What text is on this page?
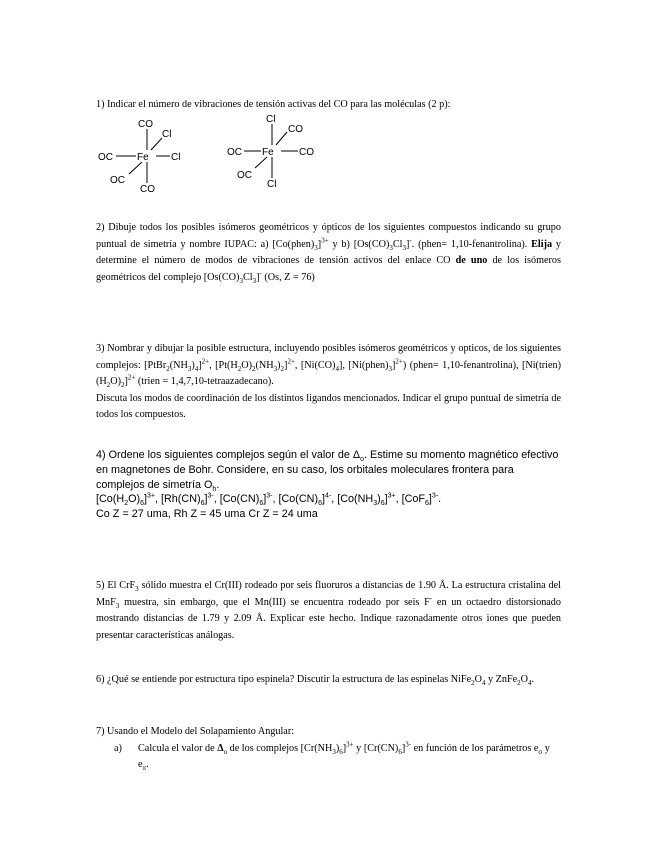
1) Indicar el número de vibraciones de tensión activas del CO para las moléculas (2 p):

CO
Cl
OC Fe Cl
OC
CO
Cl
CO
OC Fe	CO
OC
Cl

2) Dibuje todos los posibles isómeros geométricos y ópticos de los siguientes compuestos indicando su grupo puntual de simetría y nombre IUPAC: a) $[Co(phen)_3]^{3+}$ y b) $[Os(CO)_3Cl_3]^-$. (phen= 1,10-fenantrolina). Elija y determine el número de modos de vibraciones de tensión activos del enlace CO de uno de los isómeros geométricos del complejo $[Os(CO)_3Cl_3]^-$ (Os, Z = 76)

3) Nombrar y dibujar la posible estructura, incluyendo posibles isómeros geométricos y opticos, de los siguientes complejos: $[PtBr_2(NH_3)_4]^{2+}$, $[Pt(H_2O)_2(NH_3)_2]^{2+}$, $[Ni(CO)_4]$, $[Ni(phen)_3]^{2+}$) (phen= 1,10-fenantrolina), $[Ni(trien)(H_2O)_2]^{2+}$ (trien = 1,4,7,10-tetraazadecano).

Discuta los modos de coordinación de los distintos ligandos mencionados. Indicar el grupo puntual de simetría de todos los compuestos.

4) Ordene los siguientes complejos según el valor de $\Delta_o$. Estime su momento magnético efectivo en magnetones de Bohr. Considere, en su caso, los orbitales moleculares frontera para complejos de simetría $O_h$.

$[Co(H_2O)_6]^{3+}$, $[Rh(CN)_6]^{3-}$, $[Co(CN)_6]^{3-}$, $[Co(CN)_6]^{4-}$, $[Co(NH_3)_6]^{3+}$, $[CoF_6]^{3-}$.

Co Z = 27 uma, Rh Z = 45 uma Cr Z = 24 uma

5) El CrF$_3$ sólido muestra el Cr(III) rodeado por seis fluoruros a distancias de 1.90 Å. La estructura cristalina del MnF$_3$ muestra, sin embargo, que el Mn(III) se encuentra rodeado por seis F- en un octaedro distorsionado mostrando distancias de 1.79 y 2.09 Å. Explicar este hecho. Indique razonadamente otros iones que pueden presentar características análogas.

6) ¿Qué se entiende por estructura tipo espinela? Discutir la estructura de las espinelas $NiFe_2O_4$ y $ZnFe_2O_4$.

7) Usando el Modelo del Solapamiento Angular:

a) Calcula el valor de $\Delta_o$ de los complejos $[Cr(NH_3)_6]^{3+}$ y $[Cr(CN)_6]^{3-}$ en función de los parámetros $e_\sigma$ y $e_\pi$.
